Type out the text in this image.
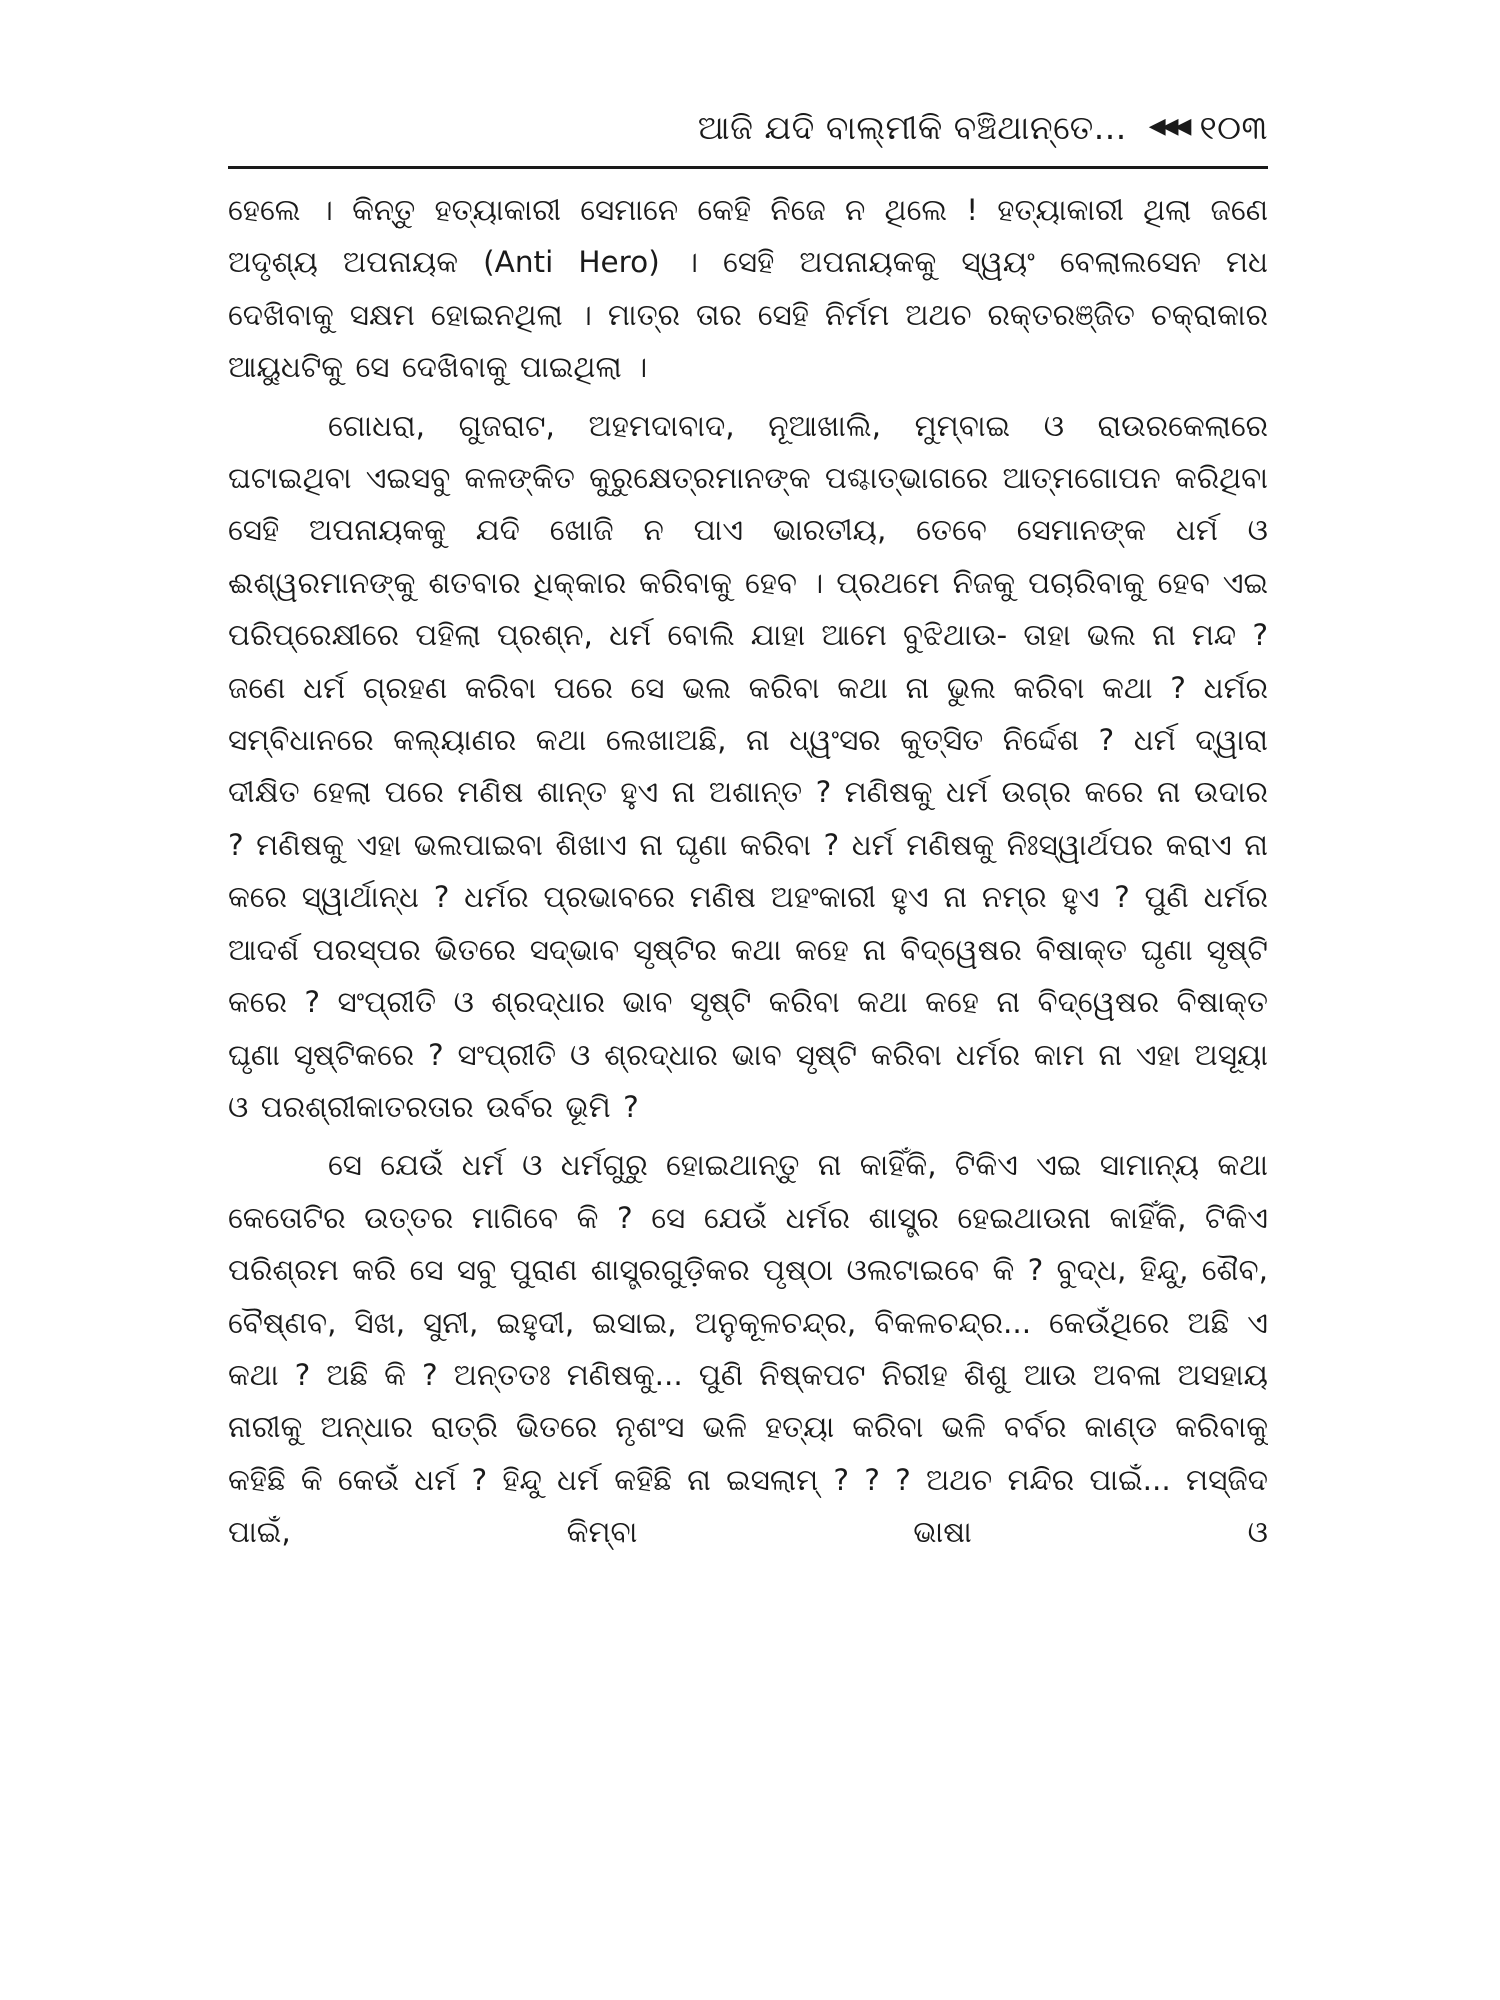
ଆଜି ଯଦି ବାଲ୍ମୀକି ବଞ୍ଚିଥାନ୍ତେ... ◀◀◀ ୧୦୩

ହେଲେ । କିନ୍ତୁ ହତ୍ୟାକାରୀ ସେମାନେ କେହି ନିଜେ ନ ଥିଲେ ! ହତ୍ୟାକାରୀ ଥିଲା ଜଣେ ଅଦୃଶ୍ୟ ଅପନାୟକ (Anti Hero) । ସେହି ଅପନାୟକକୁ ସ୍ୱୟଂ ବେଲାଲସେନ ମଧ ଦେଖିବାକୁ ସକ୍ଷମ ହୋଇନଥିଲା । ମାତ୍ର ତାର ସେହି ନିର୍ମମ ଅଥଚ ରକ୍ତରଞ୍ଜିତ ଚକ୍ରାକାର ଆୟୁଧଟିକୁ ସେ ଦେଖିବାକୁ ପାଇଥିଲା ।

ଗୋଧରା, ଗୁଜରାଟ, ଅହମଦାବାଦ, ନୂଆଖାଲି, ମୁମ୍ବାଇ ଓ ରାଉରକେଲାରେ ଘଟାଇଥିବା ଏଇସବୁ କଳଙ୍କିତ କୁରୁକ୍ଷେତ୍ରମାନଙ୍କ ପଶ୍ଚାତ୍‌ଭାଗରେ ଆତ୍ମଗୋପନ କରିଥିବା ସେହି ଅପନାୟକକୁ ଯଦି ଖୋଜି ନ ପାଏ ଭାରତୀୟ, ତେବେ ସେମାନଙ୍କ ଧର୍ମ ଓ ଈଶ୍ୱରମାନଙ୍କୁ ଶତବାର ଧିକ୍‌କାର କରିବାକୁ ହେବ । ପ୍ରଥମେ ନିଜକୁ ପଚାରିବାକୁ ହେବ ଏଇ ପରିପ୍ରେକ୍ଷୀରେ ପହିଲା ପ୍ରଶ୍ନ, ଧର୍ମ ବୋଲି ଯାହା ଆମେ ବୁଝିଥାଉ- ତାହା ଭଲ ନା ମନ୍ଦ ? ଜଣେ ଧର୍ମ ଗ୍ରହଣ କରିବା ପରେ ସେ ଭଲ କରିବା କଥା ନା ଭୁଲ କରିବା କଥା ? ଧର୍ମର ସମ୍ବିଧାନରେ କଲ୍ୟାଣର କଥା ଲେଖାଅଛି, ନା ଧ୍ୱଂସର କୁତ୍ସିତ ନିର୍ଦ୍ଦେଶ ? ଧର୍ମ ଦ୍ୱାରା ଦୀକ୍ଷିତ ହେଲା ପରେ ମଣିଷ ଶାନ୍ତ ହୁଏ ନା ଅଶାନ୍ତ ? ମଣିଷକୁ ଧର୍ମ ଉଗ୍ର କରେ ନା ଉଦାର ? ମଣିଷକୁ ଏହା ଭଲପାଇବା ଶିଖାଏ ନା ଘୃଣା କରିବା ? ଧର୍ମ ମଣିଷକୁ ନିଃସ୍ୱାର୍ଥପର କରାଏ ନା କରେ ସ୍ୱାର୍ଥାନ୍ଧ ? ଧର୍ମର ପ୍ରଭାବରେ ମଣିଷ ଅହଂକାରୀ ହୁଏ ନା ନମ୍ର ହୁଏ ? ପୁଣି ଧର୍ମର ଆଦର୍ଶ ପରସ୍ପର ଭିତରେ ସଦ୍‌ଭାବ ସୃଷ୍ଟିର କଥା କହେ ନା ବିଦ୍ୱେଷର ବିଷାକ୍ତ ଘୃଣା ସୃଷ୍ଟି କରେ ? ସଂପ୍ରୀତି ଓ ଶ୍ରଦ୍ଧାର ଭାବ ସୃଷ୍ଟି କରିବା କଥା କହେ ନା ବିଦ୍ୱେଷର ବିଷାକ୍ତ ଘୃଣା ସୃଷ୍ଟିକରେ ? ସଂପ୍ରୀତି ଓ ଶ୍ରଦ୍ଧାର ଭାବ ସୃଷ୍ଟି କରିବା ଧର୍ମର କାମ ନା ଏହା ଅସୂୟା ଓ ପରଶ୍ରୀକାତରତାର ଉର୍ବର ଭୂମି ?

ସେ ଯେଉଁ ଧର୍ମ ଓ ଧର୍ମଗୁରୁ ହୋଇଥାନ୍ତୁ ନା କାହିଁକି, ଟିକିଏ ଏଇ ସାମାନ୍ୟ କଥା କେତୋଟିର ଉତ୍ତର ମାଗିବେ କି ? ସେ ଯେଉଁ ଧର୍ମର ଶାସ୍ତ୍ର ହେଇଥାଉନା କାହିଁକି, ଟିକିଏ ପରିଶ୍ରମ କରି ସେ ସବୁ ପୁରାଣ ଶାସ୍ତ୍ରଗୁଡ଼ିକର ପୃଷ୍ଠା ଓଲଟାଇବେ କି ? ବୁଦ୍ଧ, ହିନ୍ଦୁ, ଶୈବ, ବୈଷ୍ଣବ, ସିଖ, ସୁନୀ, ଇହୁଦୀ, ଇସାଇ, ଅନୁକୂଳଚନ୍ଦ୍ର, ବିକଳଚନ୍ଦ୍ର... କେଉଁଥିରେ ଅଛି ଏ କଥା ? ଅଛି କି ? ଅନ୍ତତଃ ମଣିଷକୁ... ପୁଣି ନିଷ୍କପଟ ନିରୀହ ଶିଶୁ ଆଉ ଅବଳା ଅସହାୟ ନାରୀକୁ ଅନ୍ଧାର ରାତ୍ରି ଭିତରେ ନୃଶଂସ ଭଳି ହତ୍ୟା କରିବା ଭଳି ବର୍ବର କାଣ୍ଡ କରିବାକୁ କହିଛି କି କେଉଁ ଧର୍ମ ? ହିନ୍ଦୁ ଧର୍ମ କହିଛି ନା ଇସଲାମ୍ ? ? ? ଅଥଚ ମନ୍ଦିର ପାଇଁ... ମସ୍‌ଜିଦ ପାଇଁ, କିମ୍ବା ଭାଷା ଓ
